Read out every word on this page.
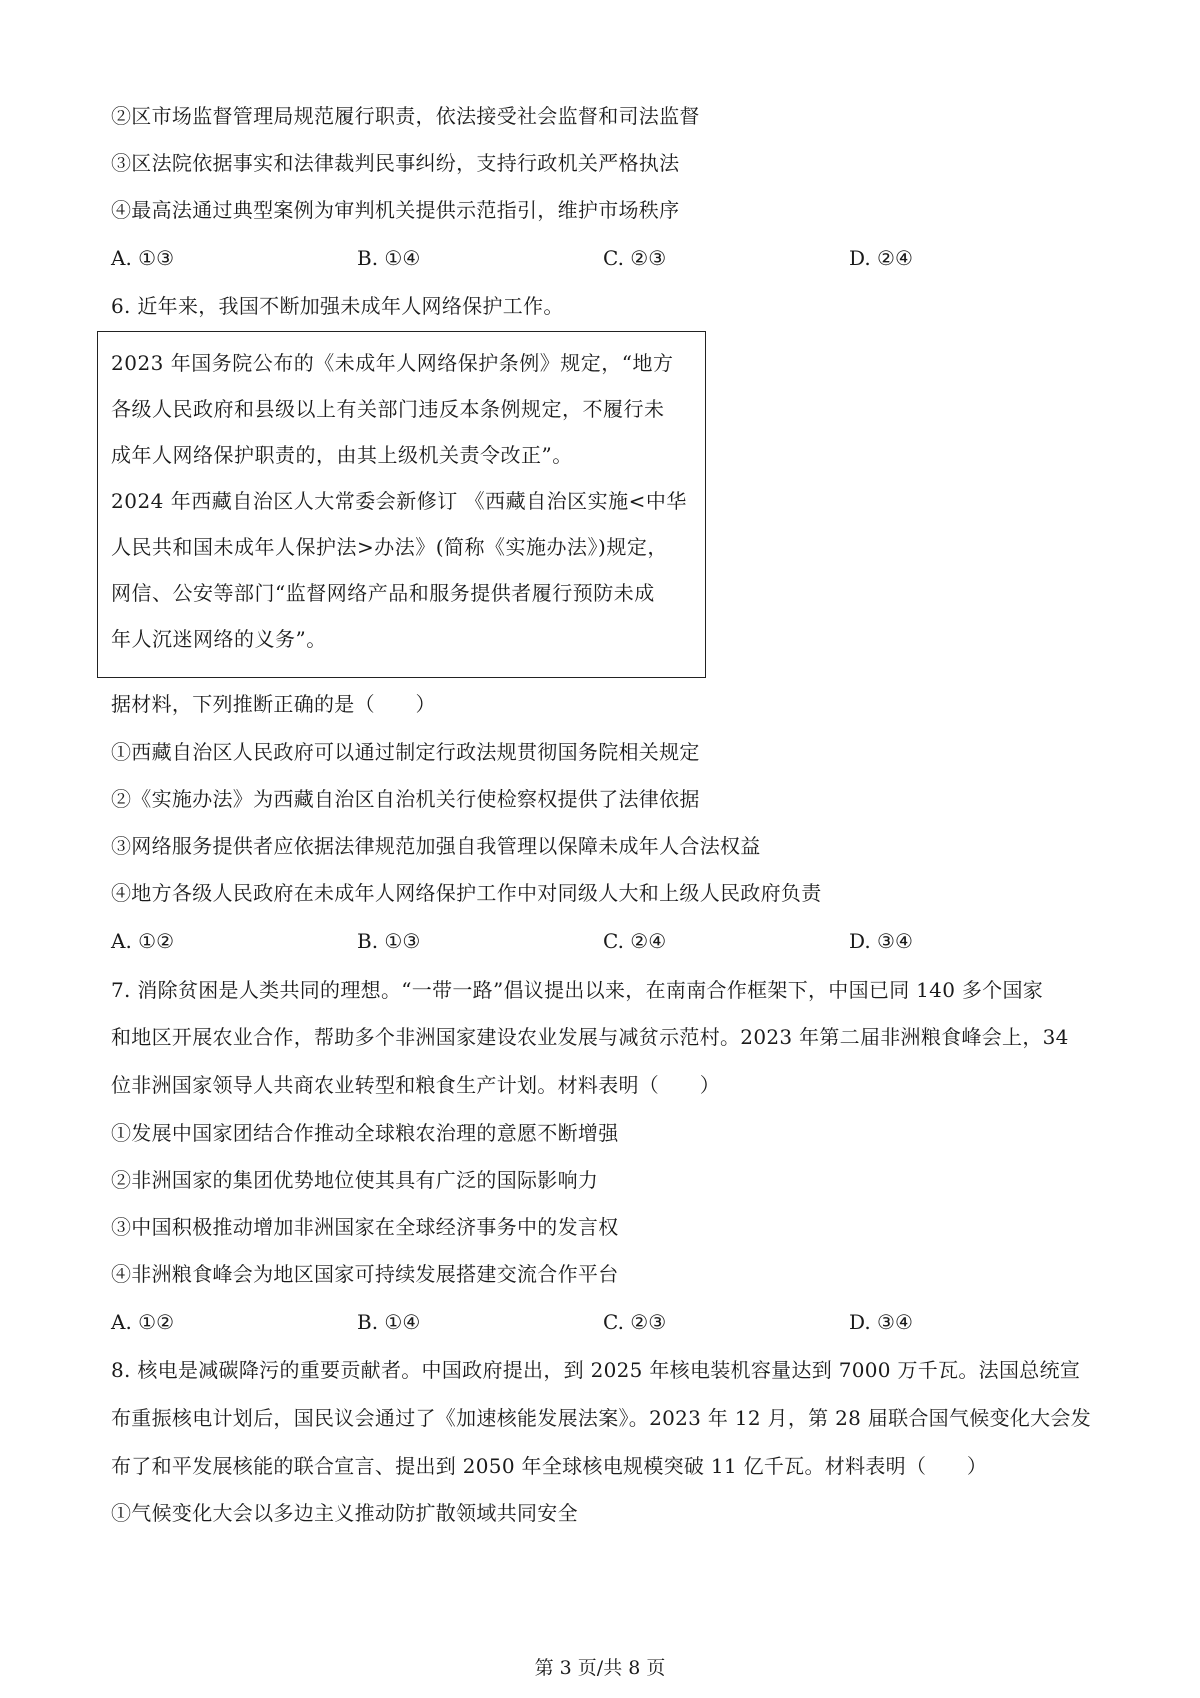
②区市场监督管理局规范履行职责，依法接受社会监督和司法监督
③区法院依据事实和法律裁判民事纠纷，支持行政机关严格执法
④最高法通过典型案例为审判机关提供示范指引，维护市场秩序
A. ①③	B. ①④	C. ②③	D. ②④
6. 近年来，我国不断加强未成年人网络保护工作。
2023 年国务院公布的《未成年人网络保护条例》规定，“地方
各级人民政府和县级以上有关部门违反本条例规定，不履行未
成年人网络保护职责的，由其上级机关责令改正”。
2024 年西藏自治区人大常委会新修订 《西藏自治区实施<中华
人民共和国未成年人保护法>办法》(简称《实施办法》)规定，
网信、公安等部门“监督网络产品和服务提供者履行预防未成
年人沉迷网络的义务”。
据材料，下列推断正确的是（　　）
①西藏自治区人民政府可以通过制定行政法规贯彻国务院相关规定
②《实施办法》为西藏自治区自治机关行使检察权提供了法律依据
③网络服务提供者应依据法律规范加强自我管理以保障未成年人合法权益
④地方各级人民政府在未成年人网络保护工作中对同级人大和上级人民政府负责
A. ①②	B. ①③	C. ②④	D. ③④
7. 消除贫困是人类共同的理想。“一带一路”倡议提出以来，在南南合作框架下，中国已同 140 多个国家
和地区开展农业合作，帮助多个非洲国家建设农业发展与减贫示范村。2023 年第二届非洲粮食峰会上，34
位非洲国家领导人共商农业转型和粮食生产计划。材料表明（　　）
①发展中国家团结合作推动全球粮农治理的意愿不断增强
②非洲国家的集团优势地位使其具有广泛的国际影响力
③中国积极推动增加非洲国家在全球经济事务中的发言权
④非洲粮食峰会为地区国家可持续发展搭建交流合作平台
A. ①②	B. ①④	C. ②③	D. ③④
8. 核电是减碳降污的重要贡献者。中国政府提出，到 2025 年核电装机容量达到 7000 万千瓦。法国总统宣
布重振核电计划后，国民议会通过了《加速核能发展法案》。2023 年 12 月，第 28 届联合国气候变化大会发
布了和平发展核能的联合宣言、提出到 2050 年全球核电规模突破 11 亿千瓦。材料表明（　　）
①气候变化大会以多边主义推动防扩散领域共同安全
第 3 页/共 8 页
